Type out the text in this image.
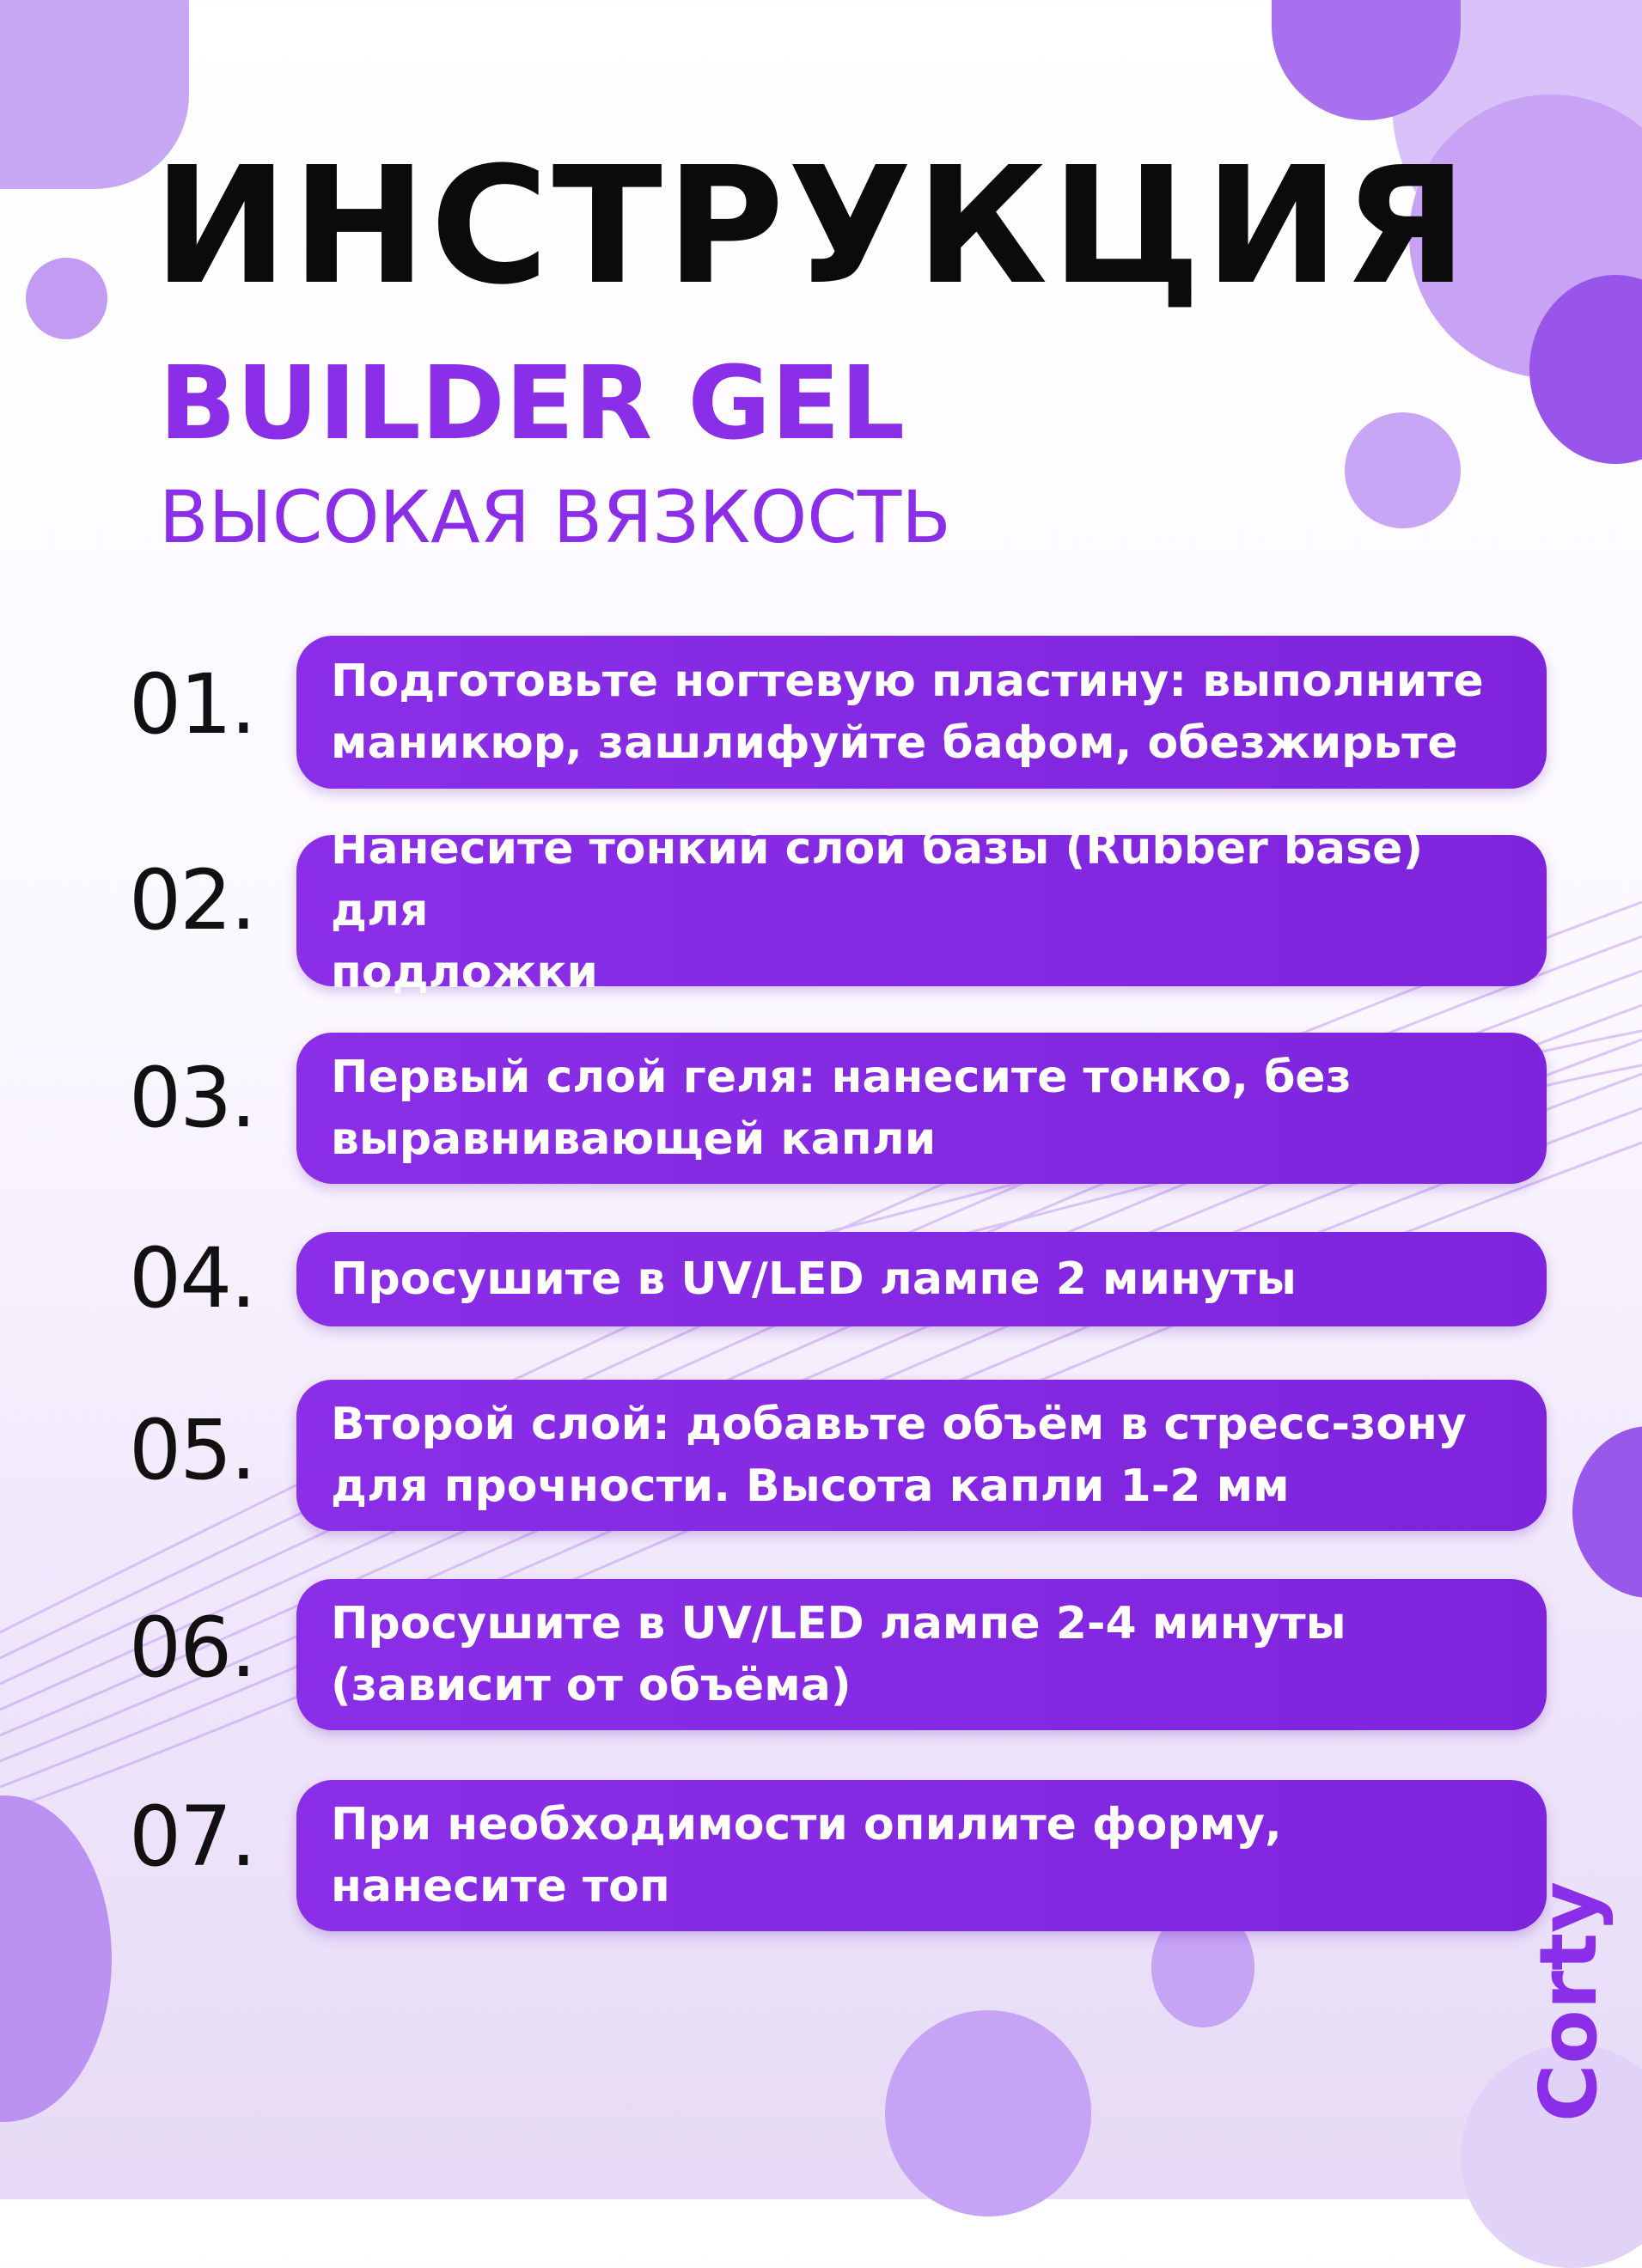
ИНСТРУКЦИЯ
BUILDER GEL
ВЫСОКАЯ ВЯЗКОСТЬ
01.	Подготовьте ногтевую пластину: выполните
маникюр, зашлифуйте бафом, обезжирьте
02.
Нанесите тонкий слой базы (Rubber base) для
подложки
03.	Первый слой геля: нанесите тонко, без
выравнивающей капли
04.	Просушите в UV/LED лампе 2 минуты
05.	Второй слой: добавьте объём в стресс-зону
для прочности. Высота капли 1-2 мм
06.	Просушите в UV/LED лампе 2-4 минуты
(зависит от объёма)
07.	При необходимости опилите форму,
нанесите топ	Corty
